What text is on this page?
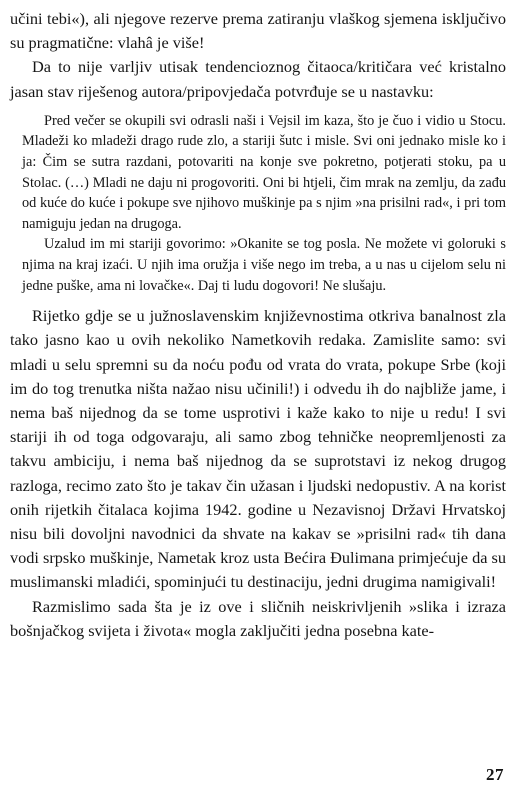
učini tebi«), ali njegove rezerve prema zatiranju vlaškog sjemena isključivo su pragmatične: vlahâ je više!

Da to nije varljiv utisak tendencioznog čitaoca/kritičara već kristalno jasan stav riješenog autora/pripovjedača potvrđuje se u nastavku:

Pred večer se okupili svi odrasli naši i Vejsil im kaza, što je čuo i vidio u Stocu. Mladeži ko mladeži drago rude zlo, a stariji šutc i misle. Svi oni jednako misle ko i ja: Čim se sutra razdani, potovariti na konje sve pokretno, potjerati stoku, pa u Stolac. (…) Mladi ne daju ni progovoriti. Oni bi htjeli, čim mrak na zemlju, da zađu od kuće do kuće i pokupe sve njihovo muškinje pa s njim »na prisilni rad«, i pri tom namiguju jedan na drugoga.

Uzalud im mi stariji govorimo: »Okanite se tog posla. Ne možete vi goloruki s njima na kraj izaći. U njih ima oružja i više nego im treba, a u nas u cijelom selu ni jedne puške, ama ni lovačke«. Daj ti ludu dogovori! Ne slušaju.

Rijetko gdje se u južnoslavenskim književnostima otkriva banalnost zla tako jasno kao u ovih nekoliko Nametkovih redaka. Zamislite samo: svi mladi u selu spremni su da noću pođu od vrata do vrata, pokupe Srbe (koji im do tog trenutka ništa nažao nisu učinili!) i odvedu ih do najbliže jame, i nema baš nijednog da se tome usprotivi i kaže kako to nije u redu! I svi stariji ih od toga odgovaraju, ali samo zbog tehničke neopremljenosti za takvu ambiciju, i nema baš nijednog da se suprotstavi iz nekog drugog razloga, recimo zato što je takav čin užasan i ljudski nedopustiv. A na korist onih rijetkih čitalaca kojima 1942. godine u Nezavisnoj Državi Hrvatskoj nisu bili dovoljni navodnici da shvate na kakav se »prisilni rad« tih dana vodi srpsko muškinje, Nametak kroz usta Bećira Đulimana primjećuje da su muslimanski mladići, spominjući tu destinaciju, jedni drugima namigivali!

Razmislimo sada šta je iz ove i sličnih neiskrivljenih »slika i izraza bošnjačkog svijeta i života« mogla zaključiti jedna posebna kate-

27
